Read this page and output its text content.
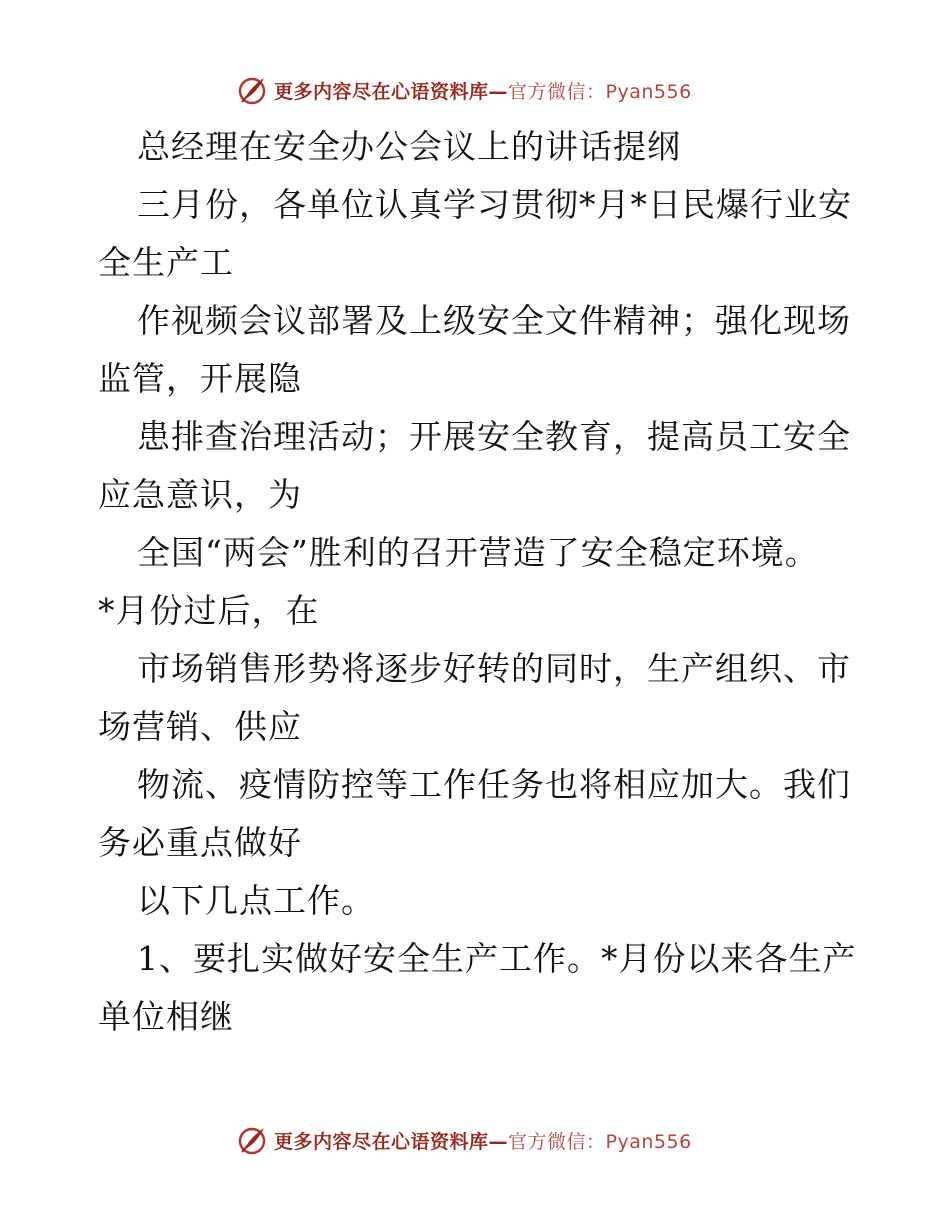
更多内容尽在心语资料库—官方微信：Pyan556
总经理在安全办公会议上的讲话提纲
三月份，各单位认真学习贯彻*月*日民爆行业安
全生产工
作视频会议部署及上级安全文件精神；强化现场
监管，开展隐
患排查治理活动；开展安全教育，提高员工安全
应急意识，为
全国“两会”胜利的召开营造了安全稳定环境。
*月份过后，在
市场销售形势将逐步好转的同时，生产组织、市
场营销、供应
物流、疫情防控等工作任务也将相应加大。我们
务必重点做好
以下几点工作。
1、要扎实做好安全生产工作。*月份以来各生产
单位相继
更多内容尽在心语资料库—官方微信：Pyan556
